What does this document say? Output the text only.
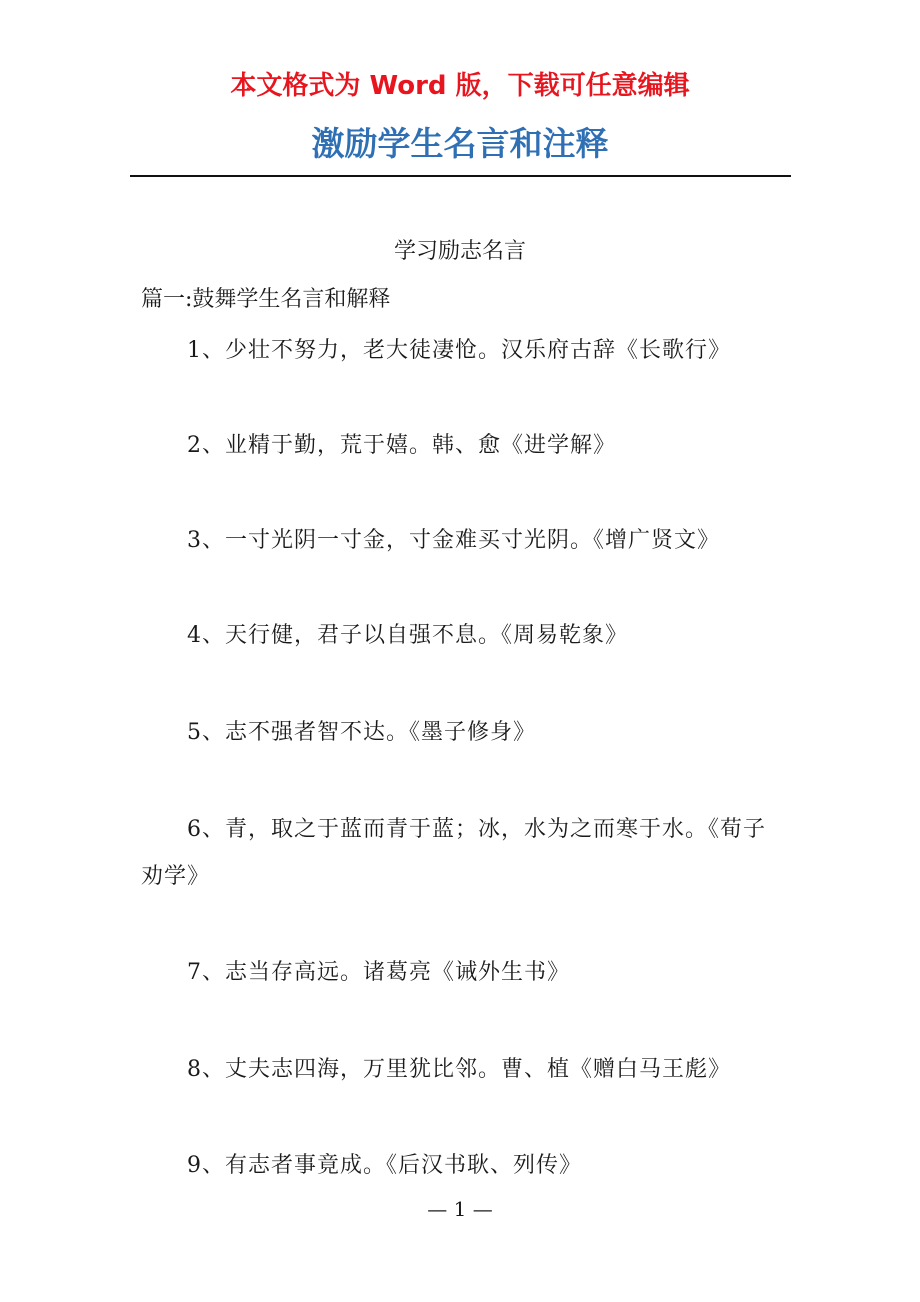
本文格式为 Word 版，下载可任意编辑
激励学生名言和注释
学习励志名言
篇一:鼓舞学生名言和解释
1、少壮不努力，老大徒凄怆。汉乐府古辞《长歌行》
2、业精于勤，荒于嬉。韩、愈《进学解》
3、一寸光阴一寸金，寸金难买寸光阴。《增广贤文》
4、天行健，君子以自强不息。《周易乾象》
5、志不强者智不达。《墨子修身》
6、青，取之于蓝而青于蓝；冰，水为之而寒于水。《荀子劝学》
7、志当存高远。诸葛亮《诫外生书》
8、丈夫志四海，万里犹比邻。曹、植《赠白马王彪》
9、有志者事竟成。《后汉书耿、列传》
— 1 —
